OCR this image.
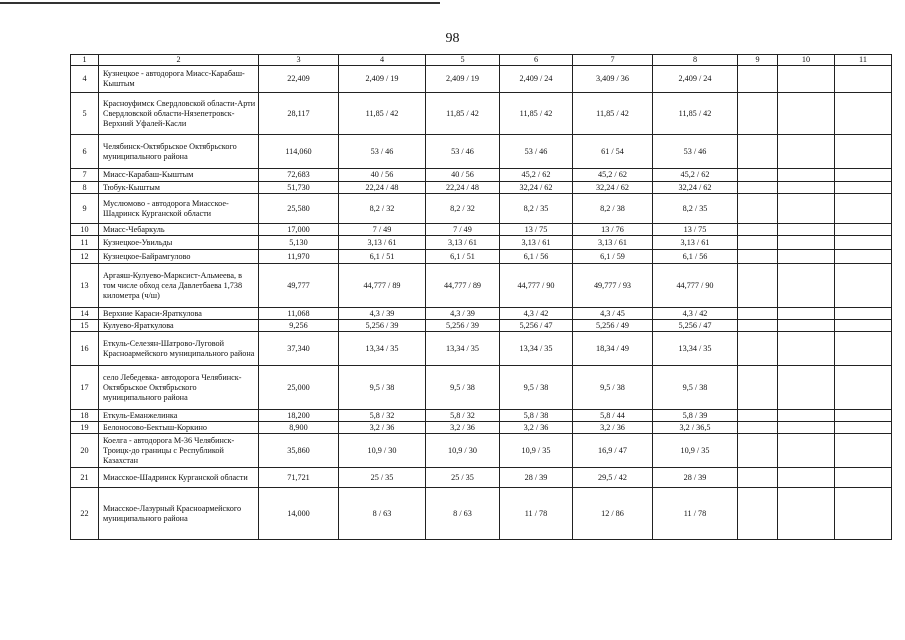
98
1	2	3	4	5	6	7	8	9	10	11
4	Кузнецкое - автодорога Миасс-Карабаш-Кыштым	22,409	2,409 / 19	2,409 / 19	2,409 / 24	3,409 / 36	2,409 / 24			
5	Красноуфимск Свердловской области-Арти Свердловской области-Нязепетровск-Верхний Уфалей-Касли	28,117	11,85 / 42	11,85 / 42	11,85 / 42	11,85 / 42	11,85 / 42			
6	Челябинск-Октябрьское Октябрьского муниципального района	114,060	53 / 46	53 / 46	53 / 46	61 / 54	53 / 46			
7	Миасс-Карабаш-Кыштым	72,683	40 / 56	40 / 56	45,2 / 62	45,2 / 62	45,2 / 62			
8	Тюбук-Кыштым	51,730	22,24 / 48	22,24 / 48	32,24 / 62	32,24 / 62	32,24 / 62			
9	Муслюмово - автодорога Миасское-Шадринск Курганской области	25,580	8,2 / 32	8,2 / 32	8,2 / 35	8,2 / 38	8,2 / 35			
10	Миасс-Чебаркуль	17,000	7 / 49	7 / 49	13 / 75	13 / 76	13 / 75			
11	Кузнецкое-Увильды	5,130	3,13 / 61	3,13 / 61	3,13 / 61	3,13 / 61	3,13 / 61			
12	Кузнецкое-Байрамгулово	11,970	6,1 / 51	6,1 / 51	6,1 / 56	6,1 / 59	6,1 / 56			
13	Аргаяш-Кулуево-Марксист-Альмеева, в том числе обход села Давлетбаева 1,738 километра (ч/ш)	49,777	44,777 / 89	44,777 / 89	44,777 / 90	49,777 / 93	44,777 / 90			
14	Верхние Караси-Яраткулова	11,068	4,3 / 39	4,3 / 39	4,3 / 42	4,3 / 45	4,3 / 42			
15	Кулуево-Яраткулова	9,256	5,256 / 39	5,256 / 39	5,256 / 47	5,256 / 49	5,256 / 47			
16	Еткуль-Селезян-Шатрово-Луговой Красноармейского муниципального района	37,340	13,34 / 35	13,34 / 35	13,34 / 35	18,34 / 49	13,34 / 35			
17	село Лебедевка- автодорога Челябинск-Октябрьское Октябрьского муниципального района	25,000	9,5 / 38	9,5 / 38	9,5 / 38	9,5 / 38	9,5 / 38			
18	Еткуль-Еманжелинка	18,200	5,8 / 32	5,8 / 32	5,8 / 38	5,8 / 44	5,8 / 39			
19	Белоносово-Бектыш-Коркино	8,900	3,2 / 36	3,2 / 36	3,2 / 36	3,2 / 36	3,2 / 36,5			
20	Коелга - автодорога М-36 Челябинск-Троицк-до границы с Республикой Казахстан	35,860	10,9 / 30	10,9 / 30	10,9 / 35	16,9 / 47	10,9 / 35			
21	Миасское-Шадринск Курганской области	71,721	25 / 35	25 / 35	28 / 39	29,5 / 42	28 / 39			
22	Миасское-Лазурный Красноармейского муниципального района	14,000	8 / 63	8 / 63	11 / 78	12 / 86	11 / 78			
